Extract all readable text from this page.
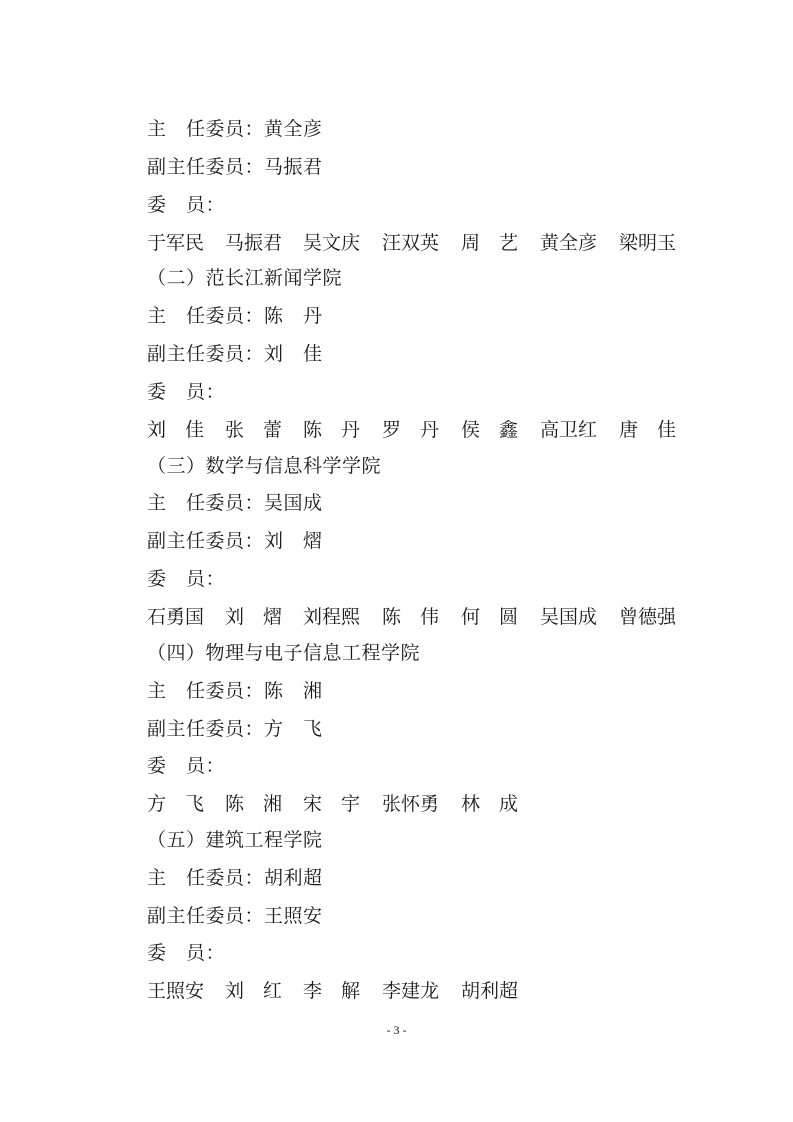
主　任委员：黄全彦
副主任委员：马振君
委　员：
于军民	马振君	吴文庆	汪双英	周　艺	黄全彦	梁明玉
（二）范长江新闻学院
主　任委员：陈　丹
副主任委员：刘　佳
委　员：
刘　佳	张　蕾	陈　丹	罗　丹	侯　鑫	高卫红	唐　佳
（三）数学与信息科学学院
主　任委员：吴国成
副主任委员：刘　熠
委　员：
石勇国	刘　熠	刘程熙	陈　伟	何　圆	吴国成	曾德强
（四）物理与电子信息工程学院
主　任委员：陈　湘
副主任委员：方　飞
委　员：
方　飞	陈　湘	宋　宇	张怀勇	林　成
（五）建筑工程学院
主　任委员：胡利超
副主任委员：王照安
委　员：
王照安	刘　红	李　解	李建龙	胡利超
- 3 -
